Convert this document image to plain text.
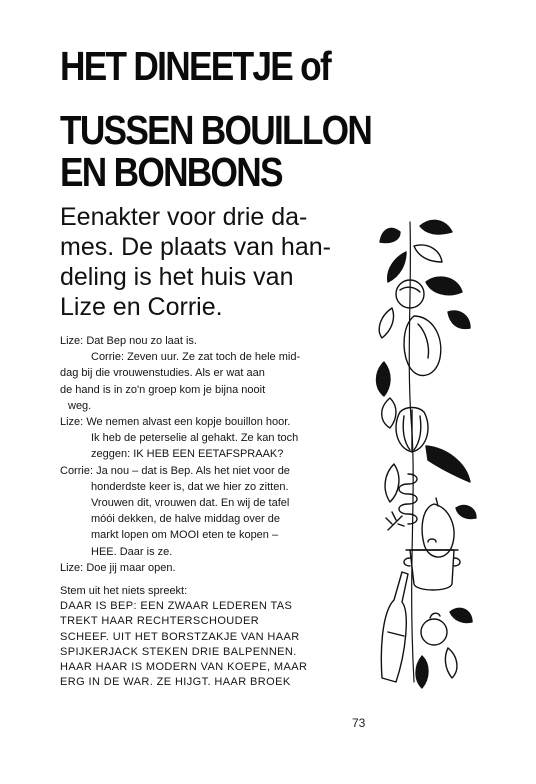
HET DINEETJE of
TUSSEN BOUILLON
EN BONBONS
Eenakter voor drie da-
mes. De plaats van han-
deling is het huis van
Lize en Corrie.
Lize: Dat Bep nou zo laat is.
Corrie: Zeven uur. Ze zat toch de hele mid-
dag bij die vrouwenstudies. Als er wat aan
de hand is in zo'n groep kom je bijna nooit
weg.
Lize: We nemen alvast een kopje bouillon hoor.
Ik heb de peterselie al gehakt. Ze kan toch
zeggen: IK HEB EEN EETAFSPRAAK?
Corrie: Ja nou – dat is Bep. Als het niet voor de
honderdste keer is, dat we hier zo zitten.
Vrouwen dit, vrouwen dat. En wij de tafel
móói dekken, de halve middag over de
markt lopen om MOOI eten te kopen –
HEE. Daar is ze.
Lize: Doe jij maar open.
Stem uit het niets spreekt:
DAAR IS BEP: EEN ZWAAR LEDEREN TAS
TREKT HAAR RECHTERSCHOUDER
SCHEEF. UIT HET BORSTZAKJE VAN HAAR
SPIJKERJACK STEKEN DRIE BALPENNEN.
HAAR HAAR IS MODERN VAN KOEPE, MAAR
ERG IN DE WAR. ZE HIJGT. HAAR BROEK
73
